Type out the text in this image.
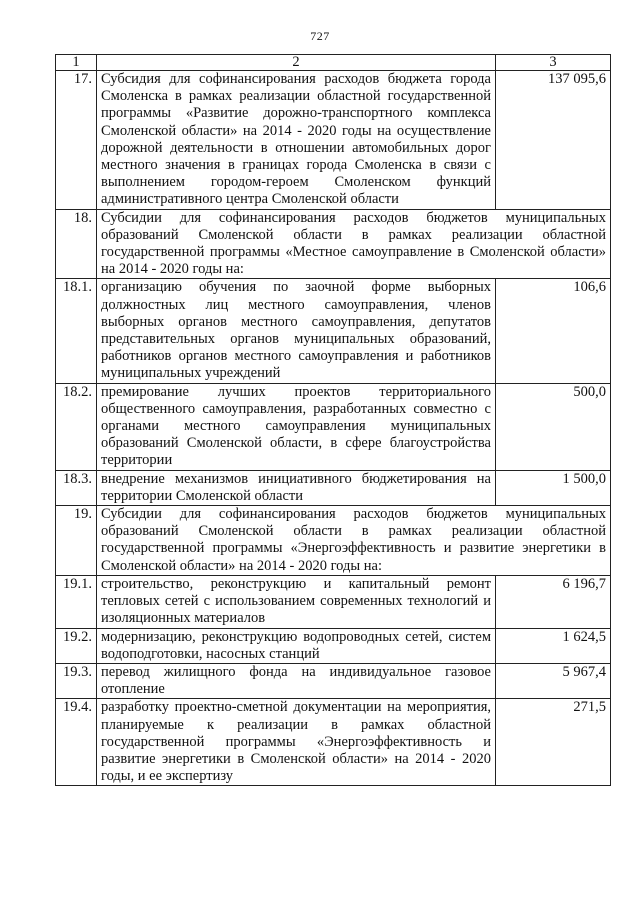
727
1	2	3
17.	Субсидия для софинансирования расходов бюджета города Смоленска в рамках реализации областной государственной программы «Развитие дорожно-транспортного комплекса Смоленской области» на 2014 - 2020 годы на осуществление дорожной деятельности в отношении автомобильных дорог местного значения в границах города Смоленска в связи с выполнением городом-героем Смоленском функций административного центра Смоленской области	137 095,6
18.	Субсидии для софинансирования расходов бюджетов муниципальных образований Смоленской области в рамках реализации областной государственной программы «Местное самоуправление в Смоленской области» на 2014 - 2020 годы на:	
18.1.	организацию обучения по заочной форме выборных должностных лиц местного самоуправления, членов выборных органов местного самоуправления, депутатов представительных органов муниципальных образований, работников органов местного самоуправления и работников муниципальных учреждений	106,6
18.2.	премирование лучших проектов территориального общественного самоуправления, разработанных совместно с органами местного самоуправления муниципальных образований Смоленской области, в сфере благоустройства территории	500,0
18.3.	внедрение механизмов инициативного бюджетирования на территории Смоленской области	1 500,0
19.	Субсидии для софинансирования расходов бюджетов муниципальных образований Смоленской области в рамках реализации областной государственной программы «Энергоэффективность и развитие энергетики в Смоленской области» на 2014 - 2020 годы на:	
19.1.	строительство, реконструкцию и капитальный ремонт тепловых сетей с использованием современных технологий и изоляционных материалов	6 196,7
19.2.	модернизацию, реконструкцию водопроводных сетей, систем водоподготовки, насосных станций	1 624,5
19.3.	перевод жилищного фонда на индивидуальное газовое отопление	5 967,4
19.4.	разработку проектно-сметной документации на мероприятия, планируемые к реализации в рамках областной государственной программы «Энергоэффективность и развитие энергетики в Смоленской области» на 2014 - 2020 годы, и ее экспертизу	271,5
